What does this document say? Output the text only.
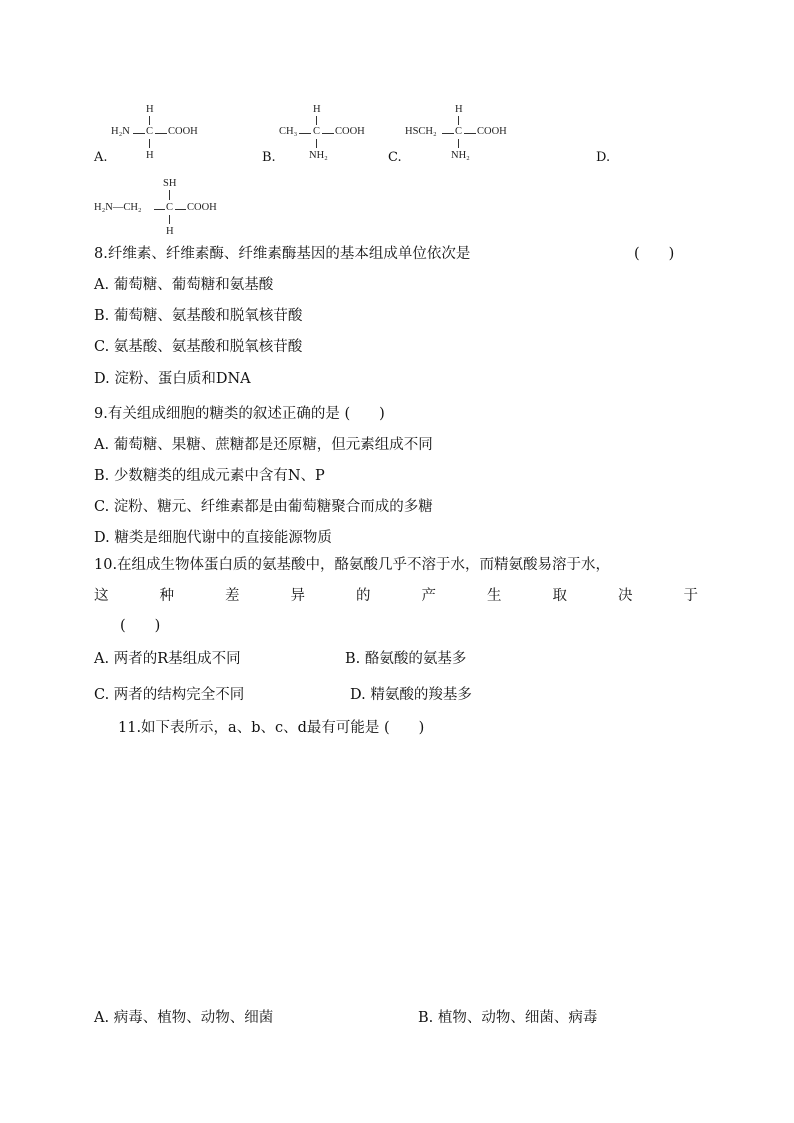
H
H₂N C COOH
H
A.
H
CH₃ C COOH
NH₂
B.
H
HSCH₂ C COOH
NH₂
C.	D.
SH
H₂N—CH₂ C COOH
H
8.纤维素、纤维素酶、纤维素酶基因的基本组成单位依次是	(　　)
A. 葡萄糖、葡萄糖和氨基酸
B. 葡萄糖、氨基酸和脱氧核苷酸
C. 氨基酸、氨基酸和脱氧核苷酸
D. 淀粉、蛋白质和DNA
9.有关组成细胞的糖类的叙述正确的是 (　　)
A. 葡萄糖、果糖、蔗糖都是还原糖，但元素组成不同
B. 少数糖类的组成元素中含有N、P
C. 淀粉、糖元、纤维素都是由葡萄糖聚合而成的多糖
D. 糖类是细胞代谢中的直接能源物质
10.在组成生物体蛋白质的氨基酸中，酪氨酸几乎不溶于水，而精氨酸易溶于水，
这	种	差	异	的	产	生	取	决	于
(　　)
A. 两者的R基组成不同	B. 酪氨酸的氨基多
C. 两者的结构完全不同	D. 精氨酸的羧基多
11.如下表所示，a、b、c、d最有可能是 (　　)
A. 病毒、植物、动物、细菌	B. 植物、动物、细菌、病毒
